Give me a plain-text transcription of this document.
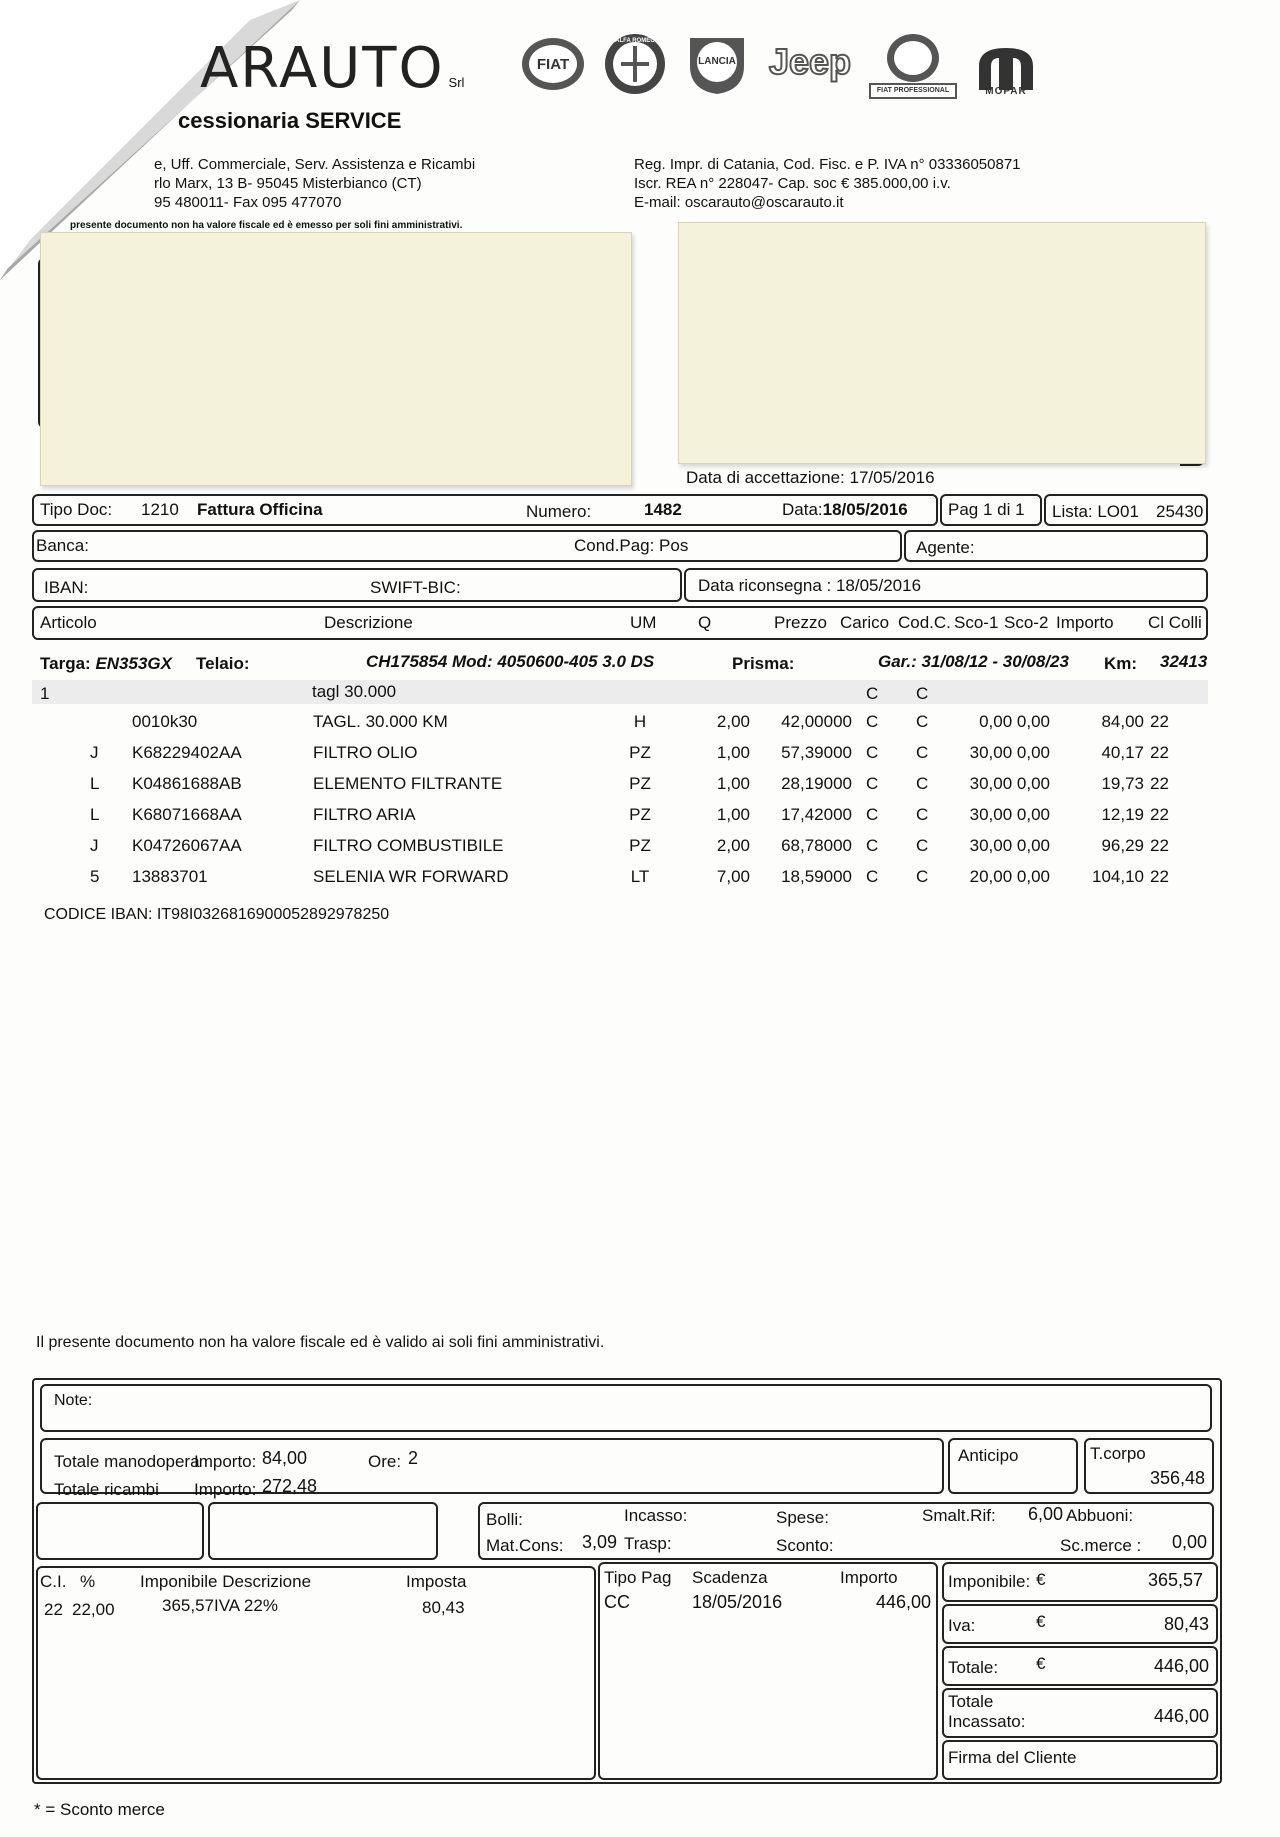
ARAUTO Srl
FIAT
ALFA ROMEO
LANCIA Jeep
FIAT PROFESSIONAL	MOPAR
cessionaria SERVICE
e, Uff. Commerciale, Serv. Assistenza e Ricambi
rlo Marx, 13 B- 95045 Misterbianco (CT)
95 480011- Fax 095 477070
Reg. Impr. di Catania, Cod. Fisc. e P. IVA n° 03336050871
Iscr. REA n° 228047- Cap. soc € 385.000,00 i.v.
E-mail: oscarauto@oscarauto.it
presente documento non ha valore fiscale ed è emesso per soli fini amministrativi.
Data di accettazione: 17/05/2016
Tipo Doc: 1210 Fattura Officina	Numero:	1482	Data:18/05/2016 Pag 1 di 1 Lista: LO01 25430
Banca:	Cond.Pag: Pos	Agente:
IBAN:	SWIFT-BIC:	Data riconsegna : 18/05/2016
Articolo	Descrizione	UM Q	Prezzo Carico Cod.C. Sco-1 Sco-2 Importo Cl Colli
Targa: EN353GX Telaio:	CH175854 Mod: 4050600-405 3.0 DS	Prisma:	Gar.: 31/08/12 - 30/08/23 Km: 32413
1	tagl 30.000	C C
0010k30	TAGL. 30.000 KM	H	2,00	42,00000 C	C	0,00 0,00	84,00 22
J	K68229402AA	FILTRO OLIO	PZ	1,00	57,39000 C	C	30,00 0,00	40,17 22
L	K04861688AB	ELEMENTO FILTRANTE	PZ	1,00	28,19000 C	C	30,00 0,00	19,73 22
L	K68071668AA	FILTRO ARIA	PZ	1,00	17,42000 C	C	30,00 0,00	12,19 22
J	K04726067AA	FILTRO COMBUSTIBILE	PZ	2,00	68,78000 C	C	30,00 0,00	96,29 22
5	13883701	SELENIA WR FORWARD	LT	7,00	18,59000 C	C	20,00 0,00	104,10 22
CODICE IBAN: IT98I0326816900052892978250
Il presente documento non ha valore fiscale ed è valido ai soli fini amministrativi.
Note:
Totale manodopera
Importo: 84,00	Ore: 2
Totale ricambi Importo: 272,48
Anticipo	T.corpo
356,48
Bolli:	Incasso:	Spese:	Smalt.Rif: 6,00 Abbuoni:
Mat.Cons: 3,09 Trasp:	Sconto:	Sc.merce : 0,00
C.I. %	Imponibile Descrizione	Imposta
22 22,00	365,57 IVA 22%	80,43
Tipo Pag Scadenza	Importo
CC	18/05/2016	446,00
Imponibile: €	365,57
Iva:	€	80,43
Totale: €	446,00
Totale
Incassato:	446,00
Firma del Cliente
* = Sconto merce
